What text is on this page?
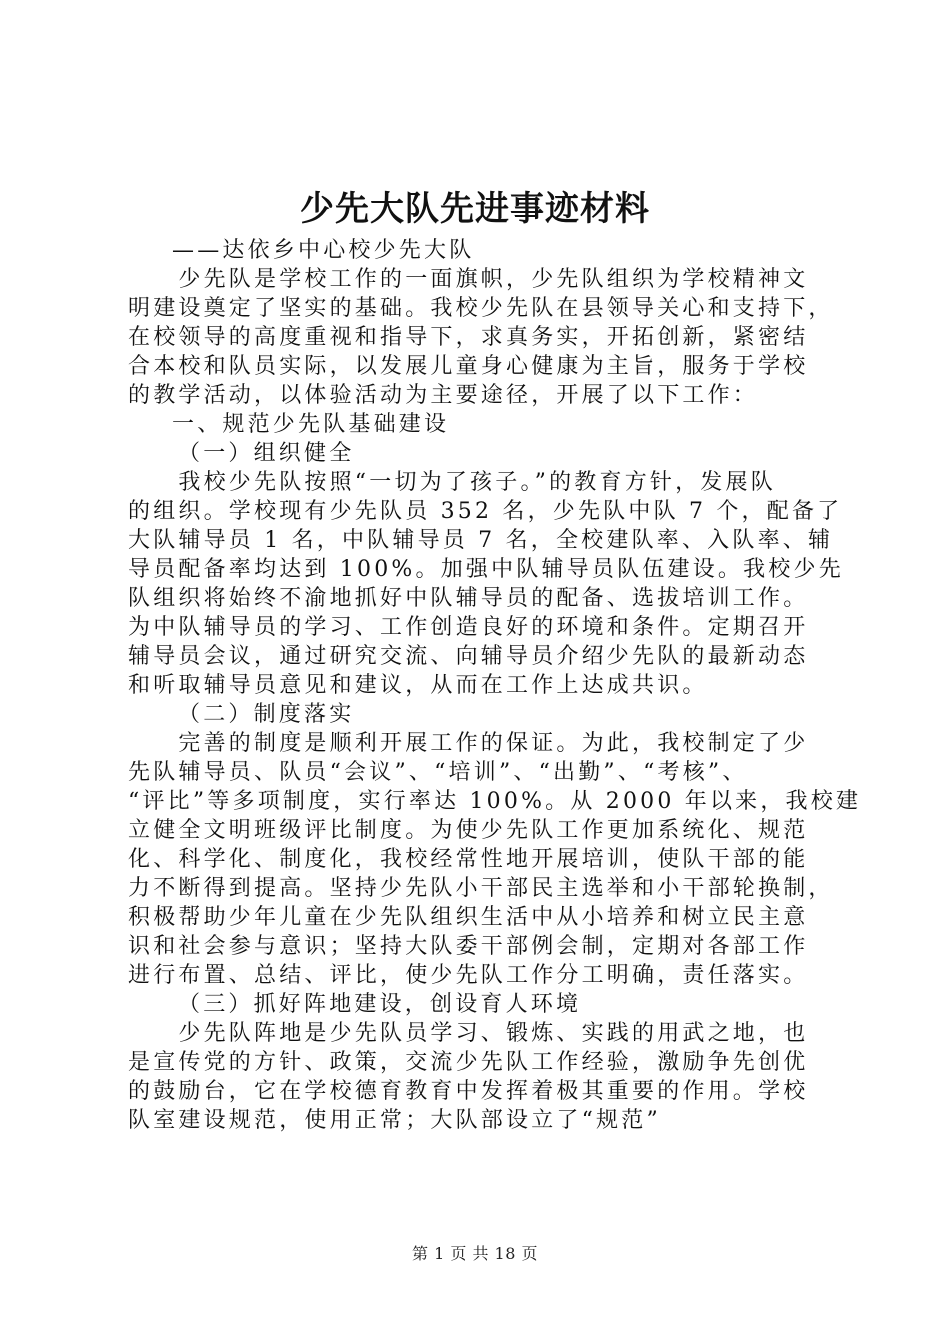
少先大队先进事迹材料
——达依乡中心校少先大队
　　少先队是学校工作的一面旗帜，少先队组织为学校精神文
明建设奠定了坚实的基础。我校少先队在县领导关心和支持下，
在校领导的高度重视和指导下，求真务实，开拓创新，紧密结
合本校和队员实际，以发展儿童身心健康为主旨，服务于学校
的教学活动，以体验活动为主要途径，开展了以下工作：
一、规范少先队基础建设
（一）组织健全
　　我校少先队按照“一切为了孩子。”的教育方针，发展队
的组织。学校现有少先队员 352 名，少先队中队 7 个，配备了
大队辅导员 1 名，中队辅导员 7 名，全校建队率、入队率、辅
导员配备率均达到 100%。加强中队辅导员队伍建设。我校少先
队组织将始终不渝地抓好中队辅导员的配备、选拔培训工作。
为中队辅导员的学习、工作创造良好的环境和条件。定期召开
辅导员会议，通过研究交流、向辅导员介绍少先队的最新动态
和听取辅导员意见和建议，从而在工作上达成共识。
（二）制度落实
　　完善的制度是顺利开展工作的保证。为此，我校制定了少
先队辅导员、队员“会议”、“培训”、“出勤”、“考核”、
“评比”等多项制度，实行率达 100%。从 2000 年以来，我校建
立健全文明班级评比制度。为使少先队工作更加系统化、规范
化、科学化、制度化，我校经常性地开展培训，使队干部的能
力不断得到提高。坚持少先队小干部民主选举和小干部轮换制，
积极帮助少年儿童在少先队组织生活中从小培养和树立民主意
识和社会参与意识；坚持大队委干部例会制，定期对各部工作
进行布置、总结、评比，使少先队工作分工明确，责任落实。
（三）抓好阵地建设，创设育人环境
　　少先队阵地是少先队员学习、锻炼、实践的用武之地，也
是宣传党的方针、政策，交流少先队工作经验，激励争先创优
的鼓励台，它在学校德育教育中发挥着极其重要的作用。学校
队室建设规范，使用正常；大队部设立了“规范”
第 1 页 共 18 页
